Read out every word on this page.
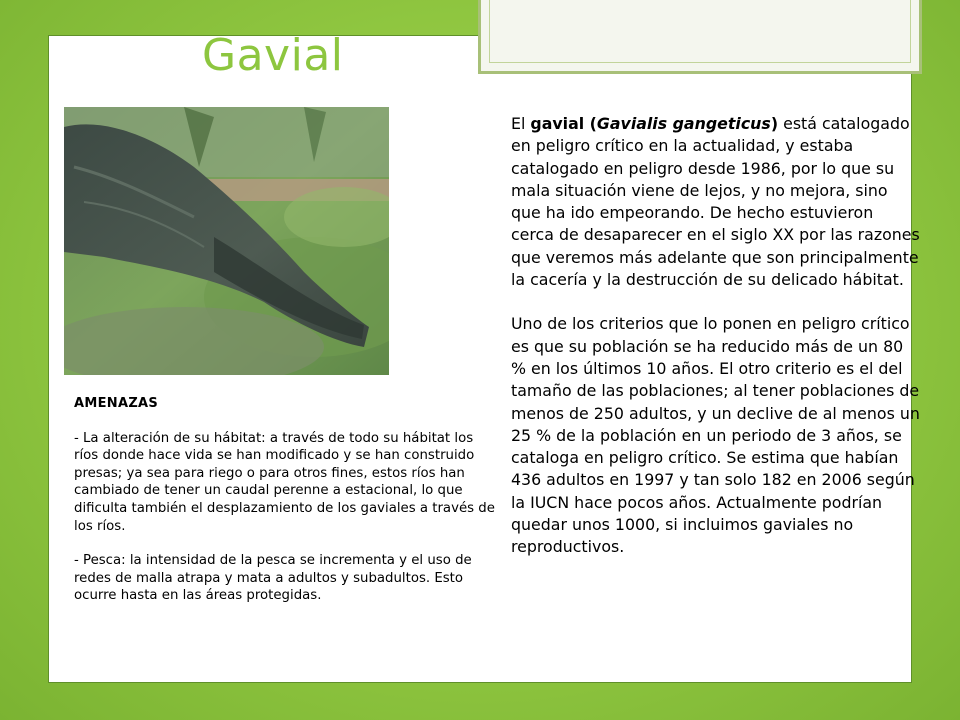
Gavial
AMENAZAS

- La alteración de su hábitat: a través de todo su hábitat los ríos donde hace vida se han modificado y se han construido presas; ya sea para riego o para otros fines, estos ríos han cambiado de tener un caudal perenne a estacional, lo que dificulta también el desplazamiento de los gaviales a través de los ríos.

- Pesca: la intensidad de la pesca se incrementa y el uso de redes de malla atrapa y mata a adultos y subadultos. Esto ocurre hasta en las áreas protegidas.

El gavial (Gavialis gangeticus) está catalogado en peligro crítico en la actualidad, y estaba catalogado en peligro desde 1986, por lo que su mala situación viene de lejos, y no mejora, sino que ha ido empeorando. De hecho estuvieron cerca de desaparecer en el siglo XX por las razones que veremos más adelante que son principalmente la cacería y la destrucción de su delicado hábitat.

Uno de los criterios que lo ponen en peligro crítico es que su población se ha reducido más de un 80 % en los últimos 10 años. El otro criterio es el del tamaño de las poblaciones; al tener poblaciones de menos de 250 adultos, y un declive de al menos un 25 % de la población en un periodo de 3 años, se cataloga en peligro crítico. Se estima que habían 436 adultos en 1997 y tan solo 182 en 2006 según la IUCN hace pocos años. Actualmente podrían quedar unos 1000, si incluimos gaviales no reproductivos.
